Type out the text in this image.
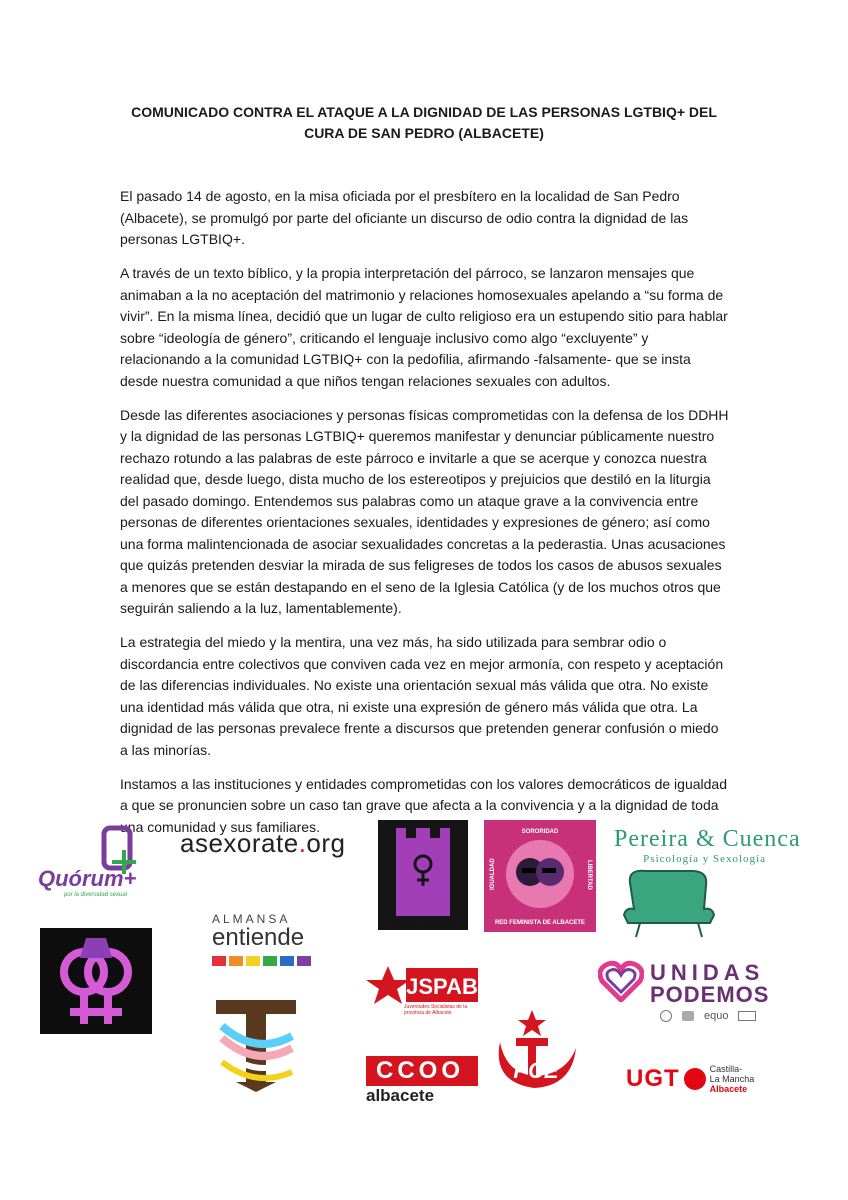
COMUNICADO CONTRA EL ATAQUE A LA DIGNIDAD DE LAS PERSONAS LGTBIQ+ DEL CURA DE SAN PEDRO (ALBACETE)

El pasado 14 de agosto, en la misa oficiada por el presbítero en la localidad de San Pedro (Albacete), se promulgó por parte del oficiante un discurso de odio contra la dignidad de las personas LGTBIQ+.

A través de un texto bíblico, y la propia interpretación del párroco, se lanzaron mensajes que animaban a la no aceptación del matrimonio y relaciones homosexuales apelando a “su forma de vivir”. En la misma línea, decidió que un lugar de culto religioso era un estupendo sitio para hablar sobre “ideología de género”, criticando el lenguaje inclusivo como algo “excluyente” y relacionando a la comunidad LGTBIQ+ con la pedofilia, afirmando -falsamente- que se insta desde nuestra comunidad a que niños tengan relaciones sexuales con adultos.

Desde las diferentes asociaciones y personas físicas comprometidas con la defensa de los DDHH y la dignidad de las personas LGTBIQ+ queremos manifestar y denunciar públicamente nuestro rechazo rotundo a las palabras de este párroco e invitarle a que se acerque y conozca nuestra realidad que, desde luego, dista mucho de los estereotipos y prejuicios que destiló en la liturgia del pasado domingo. Entendemos sus palabras como un ataque grave a la convivencia entre personas de diferentes orientaciones sexuales, identidades y expresiones de género; así como una forma malintencionada de asociar sexualidades concretas a la pederastia. Unas acusaciones que quizás pretenden desviar la mirada de sus feligreses de todos los casos de abusos sexuales a menores que se están destapando en el seno de la Iglesia Católica (y de los muchos otros que seguirán saliendo a la luz, lamentablemente).

La estrategia del miedo y la mentira, una vez más, ha sido utilizada para sembrar odio o discordancia entre colectivos que conviven cada vez en mejor armonía, con respeto y aceptación de las diferencias individuales. No existe una orientación sexual más válida que otra. No existe una identidad más válida que otra, ni existe una expresión de género más válida que otra. La dignidad de las personas prevalece frente a discursos que pretenden generar confusión o miedo a las minorías.

Instamos a las instituciones y entidades comprometidas con los valores democráticos de igualdad a que se pronuncien sobre un caso tan grave que afecta a la convivencia y a la dignidad de toda una comunidad y sus familiares.

Quórum+
por la diversidad sexual
asexorate.org
TORRE PÚRPURA
SORORIDAD
IGUALDAD	LIBERTAD
RED FEMINISTA DE ALBACETE
Pereira & Cuenca
Psicología y Sexología
ALMANSA
entiende
JSPAB
Juventudes Socialistas de la provincia de Albacete
CCOO
albacete
PCE
UNIDAS
PODEMOS
equo
UGT	Castilla-
La Mancha
Albacete
